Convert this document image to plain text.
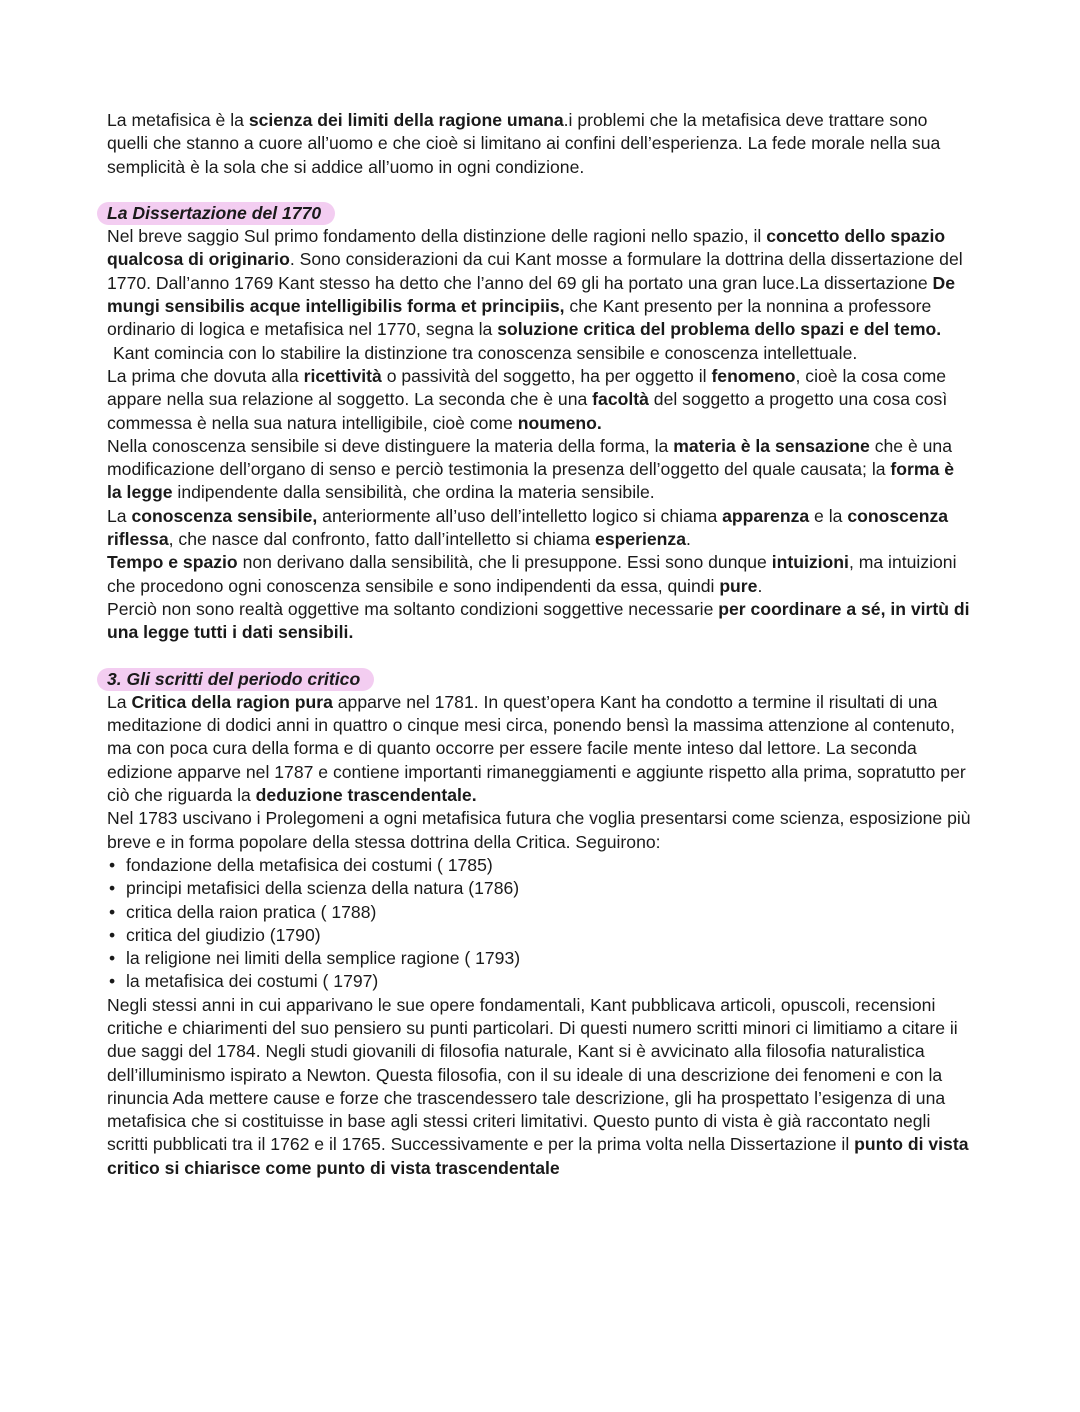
La metafisica è la scienza dei limiti della ragione umana.i problemi che la metafisica deve trattare sono quelli che stanno a cuore all’uomo e che cioè si limitano ai confini dell’esperienza. La fede morale nella sua semplicità è la sola che si addice all’uomo in ogni condizione.

La Dissertazione del 1770

Nel breve saggio Sul primo fondamento della distinzione delle ragioni nello spazio, il concetto dello spazio qualcosa di originario. Sono considerazioni da cui Kant mosse a formulare la dottrina della dissertazione del 1770. Dall’anno 1769 Kant stesso ha detto che l’anno del 69 gli ha portato una gran luce.La dissertazione De mungi sensibilis acque intelligibilis forma et principiis, che Kant presento per la nonnina a professore ordinario di logica e metafisica nel 1770, segna la soluzione critica del problema dello spazi e del temo.

Kant comincia con lo stabilire la distinzione tra conoscenza sensibile e conoscenza intellettuale.

La prima che dovuta alla ricettività o passività del soggetto, ha per oggetto il fenomeno, cioè la cosa come appare nella sua relazione al soggetto. La seconda che è una facoltà del soggetto a progetto una cosa così commessa è nella sua natura intelligibile, cioè come noumeno.

Nella conoscenza sensibile si deve distinguere la materia della forma, la materia è la sensazione che è una modificazione dell’organo di senso e perciò testimonia la presenza dell’oggetto del quale causata; la forma è la legge indipendente dalla sensibilità, che ordina la materia sensibile.

La conoscenza sensibile, anteriormente all’uso dell’intelletto logico si chiama apparenza e la conoscenza riflessa, che nasce dal confronto, fatto dall’intelletto si chiama esperienza.

Tempo e spazio non derivano dalla sensibilità, che li presuppone. Essi sono dunque intuizioni, ma intuizioni che procedono ogni conoscenza sensibile e sono indipendenti da essa, quindi pure.

Perciò non sono realtà oggettive ma soltanto condizioni soggettive necessarie per coordinare a sé, in virtù di una legge tutti i dati sensibili.

3. Gli scritti del periodo critico

La Critica della ragion pura apparve nel 1781. In quest’opera Kant ha condotto a termine il risultati di una meditazione di dodici anni in quattro o cinque mesi circa, ponendo bensì la massima attenzione al contenuto, ma con poca cura della forma e di quanto occorre per essere facile mente inteso dal lettore. La seconda edizione apparve nel 1787 e contiene importanti rimaneggiamenti e aggiunte rispetto alla prima, sopratutto per ciò che riguarda la deduzione trascendentale.

Nel 1783 uscivano i Prolegomeni a ogni metafisica futura che voglia presentarsi come scienza, esposizione più breve e in forma popolare della stessa dottrina della Critica. Seguirono:

• fondazione della metafisica dei costumi ( 1785)
• principi metafisici della scienza della natura (1786)
• critica della raion pratica ( 1788)
• critica del giudizio (1790)
• la religione nei limiti della semplice ragione ( 1793)
• la metafisica dei costumi ( 1797)

Negli stessi anni in cui apparivano le sue opere fondamentali, Kant pubblicava articoli, opuscoli, recensioni critiche e chiarimenti del suo pensiero su punti particolari. Di questi numero scritti minori ci limitiamo a citare ii due saggi del 1784. Negli studi giovanili di filosofia naturale, Kant si è avvicinato alla filosofia naturalistica dell’illuminismo ispirato a Newton. Questa filosofia, con il su ideale di una descrizione dei fenomeni e con la rinuncia Ada mettere cause e forze che trascendessero tale descrizione, gli ha prospettato l’esigenza di una metafisica che si costituisse in base agli stessi criteri limitativi. Questo punto di vista è già raccontato negli scritti pubblicati tra il 1762 e il 1765. Successivamente e per la prima volta nella Dissertazione il punto di vista critico si chiarisce come punto di vista trascendentale
